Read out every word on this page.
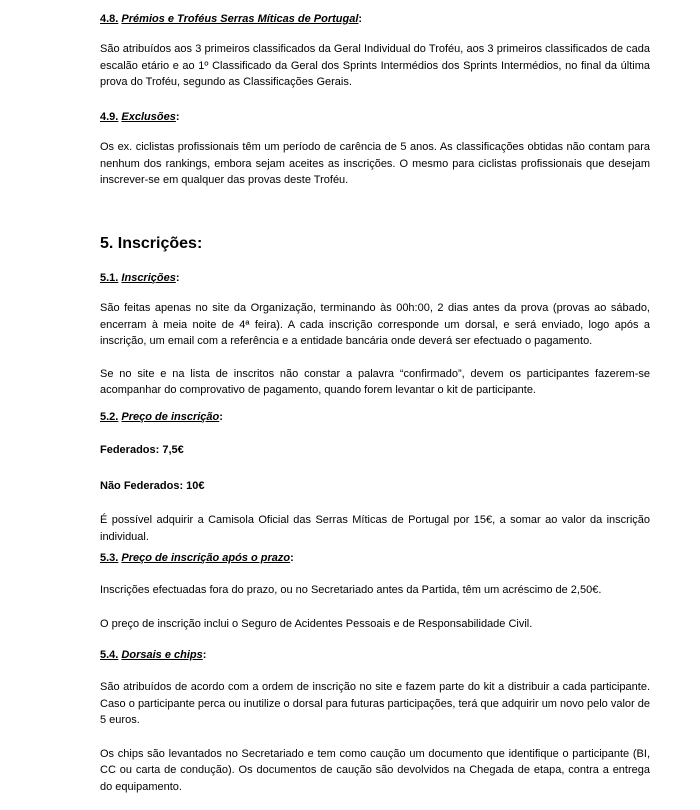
4.8. Prémios e Troféus Serras Míticas de Portugal:

São atribuídos aos 3 primeiros classificados da Geral Individual do Troféu, aos 3 primeiros classificados de cada escalão etário e ao 1º Classificado da Geral dos Sprints Intermédios dos Sprints Intermédios, no final da última prova do Troféu, segundo as Classificações Gerais.

4.9. Exclusões:

Os ex. ciclistas profissionais têm um período de carência de 5 anos. As classificações obtidas não contam para nenhum dos rankings, embora sejam aceites as inscrições. O mesmo para ciclistas profissionais que desejam inscrever-se em qualquer das provas deste Troféu.

5. Inscrições:

5.1. Inscrições:

São feitas apenas no site da Organização, terminando às 00h:00, 2 dias antes da prova (provas ao sábado, encerram à meia noite de 4ª feira). A cada inscrição corresponde um dorsal, e será enviado, logo após a inscrição, um email com a referência e a entidade bancária onde deverá ser efectuado o pagamento.

Se no site e na lista de inscritos não constar a palavra “confirmado”, devem os participantes fazerem-se acompanhar do comprovativo de pagamento, quando forem levantar o kit de participante.

5.2. Preço de inscrição:

Federados: 7,5€

Não Federados: 10€

É possível adquirir a Camisola Oficial das Serras Míticas de Portugal por 15€, a somar ao valor da inscrição individual.

5.3. Preço de inscrição após o prazo:

Inscrições efectuadas fora do prazo, ou no Secretariado antes da Partida, têm um acréscimo de 2,50€.

O preço de inscrição inclui o Seguro de Acidentes Pessoais e de Responsabilidade Civil.

5.4. Dorsais e chips:

São atribuídos de acordo com a ordem de inscrição no site e fazem parte do kit a distribuir a cada participante. Caso o participante perca ou inutilize o dorsal para futuras participações, terá que adquirir um novo pelo valor de 5 euros.

Os chips são levantados no Secretariado e tem como caução um documento que identifique o participante (BI, CC ou carta de condução). Os documentos de caução são devolvidos na Chegada de etapa, contra a entrega do equipamento.
